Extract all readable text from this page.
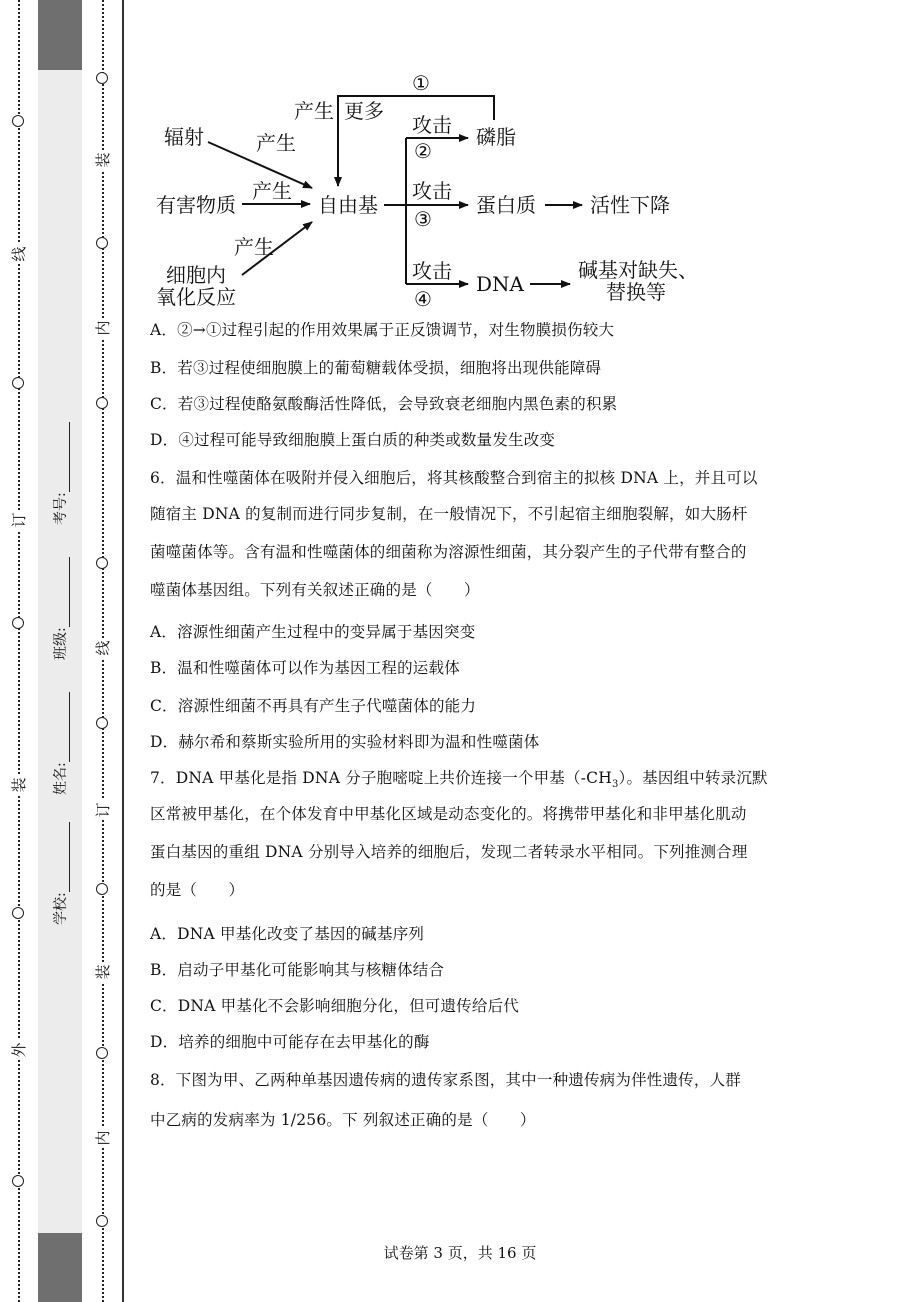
线
订
装
外
学校:
姓名:
班级:
考号:
装
内
线
订
装
内
辐射
有害物质
细胞内
氧化反应
产生
产生
产生
产生 更多
①
自由基
攻击
②
磷脂
攻击
③
蛋白质	活性下降
攻击
④
DNA
碱基对缺失、
替换等
A．②→①过程引起的作用效果属于正反馈调节，对生物膜损伤较大
B．若③过程使细胞膜上的葡萄糖载体受损，细胞将出现供能障碍
C．若③过程使酪氨酸酶活性降低，会导致衰老细胞内黑色素的积累
D．④过程可能导致细胞膜上蛋白质的种类或数量发生改变
6．温和性噬菌体在吸附并侵入细胞后，将其核酸整合到宿主的拟核 DNA 上，并且可以
随宿主 DNA 的复制而进行同步复制，在一般情况下，不引起宿主细胞裂解，如大肠杆
菌噬菌体等。含有温和性噬菌体的细菌称为溶源性细菌，其分裂产生的子代带有整合的
噬菌体基因组。下列有关叙述正确的是（　　）
A．溶源性细菌产生过程中的变异属于基因突变
B．温和性噬菌体可以作为基因工程的运载体
C．溶源性细菌不再具有产生子代噬菌体的能力
D．赫尔希和蔡斯实验所用的实验材料即为温和性噬菌体
7．DNA 甲基化是指 DNA 分子胞嘧啶上共价连接一个甲基$(-CH_3)$。基因组中转录沉默
区常被甲基化，在个体发育中甲基化区域是动态变化的。将携带甲基化和非甲基化肌动
蛋白基因的重组 DNA 分别导入培养的细胞后，发现二者转录水平相同。下列推测合理
的是（　　）
A．DNA 甲基化改变了基因的碱基序列
B．启动子甲基化可能影响其与核糖体结合
C．DNA 甲基化不会影响细胞分化，但可遗传给后代
D．培养的细胞中可能存在去甲基化的酶
8．下图为甲、乙两种单基因遗传病的遗传家系图，其中一种遗传病为伴性遗传，人群
中乙病的发病率为 1/256。下 列叙述正确的是（　　）
试卷第 3 页，共 16 页
